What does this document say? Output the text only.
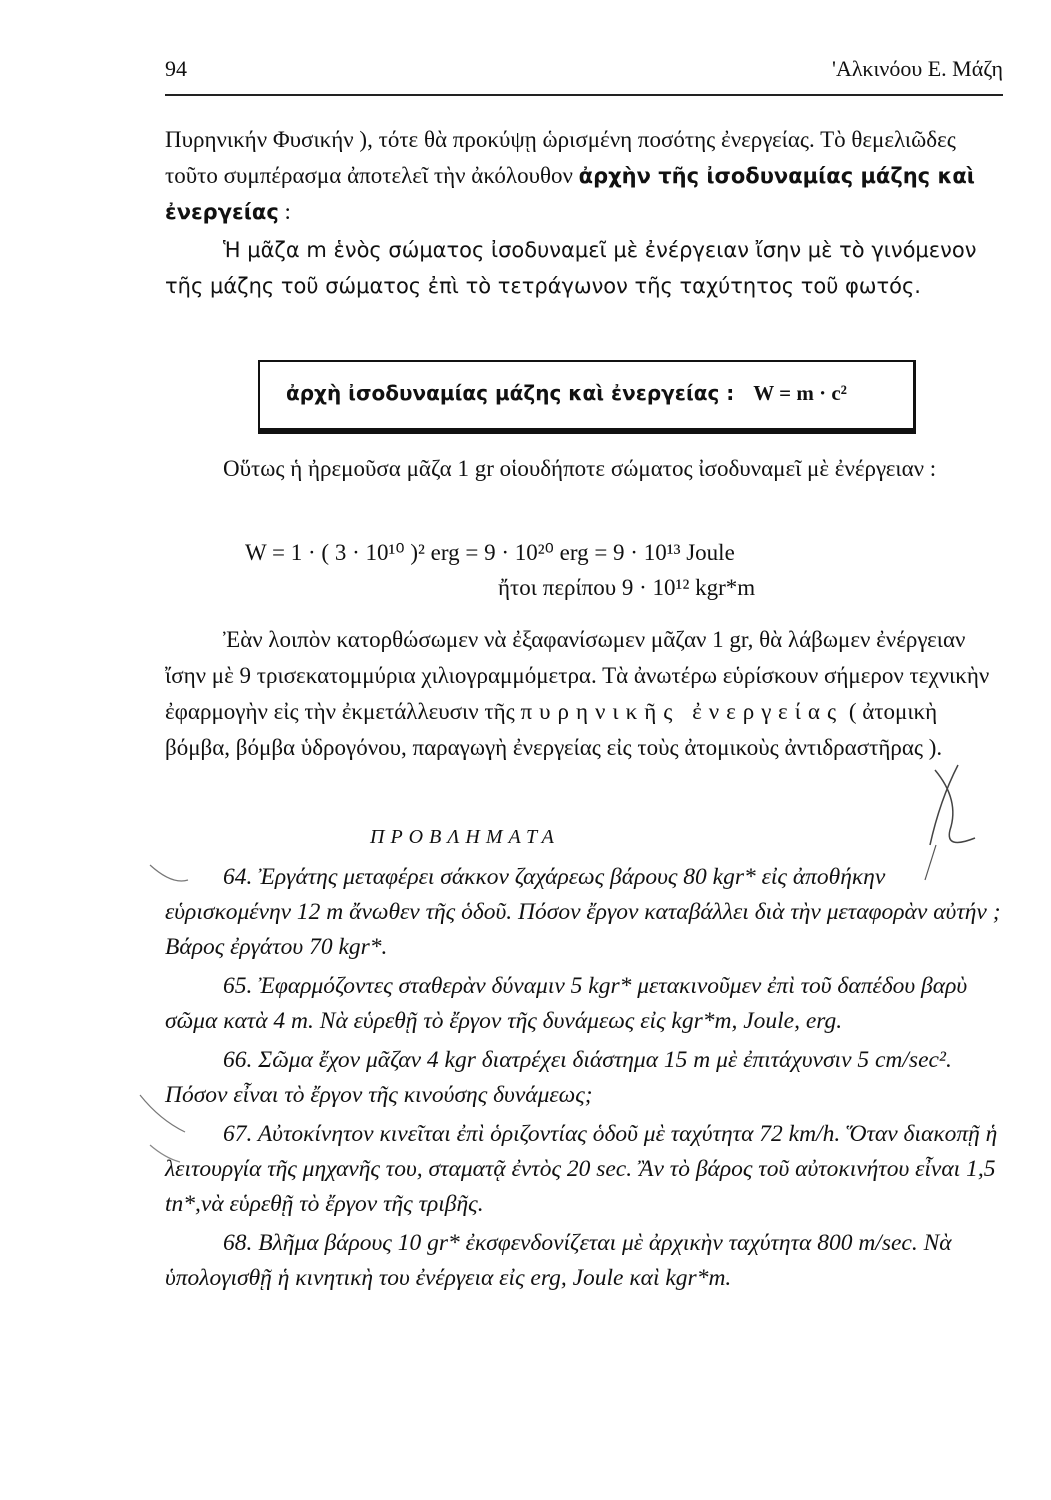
94	'Αλκινόου Ε. Μάζη

Πυρηνικήν Φυσικήν ), τότε θὰ προκύψῃ ὡρισμένη ποσότης ἐνεργείας. Τὸ θεμελιῶδες τοῦτο συμπέρασμα ἀποτελεῖ τὴν ἀκόλουθον ἀρχὴν τῆς ἰσοδυναμίας μάζης καὶ ἐνεργείας :

Ἡ μᾶζα m ἑνὸς σώματος ἰσοδυναμεῖ μὲ ἐνέργειαν ἴσην μὲ τὸ γινόμενον τῆς μάζης τοῦ σώματος ἐπὶ τὸ τετράγωνον τῆς ταχύτητος τοῦ φωτός.

ἀρχὴ ἰσοδυναμίας μάζης καὶ ἐνεργείας : W = m · c²

Οὕτως ἡ ἠρεμοῦσα μᾶζα 1 gr οἱουδήποτε σώματος ἰσοδυναμεῖ μὲ ἐνέργειαν :

W = 1 · ( 3 · 10¹⁰ )² erg = 9 · 10²⁰ erg = 9 · 10¹³ Joule
ἤτοι περίπου 9 · 10¹² kgr*m

Ἐὰν λοιπὸν κατορθώσωμεν νὰ ἐξαφανίσωμεν μᾶζαν 1 gr, θὰ λάβωμεν ἐνέργειαν ἴσην μὲ 9 τρισεκατομμύρια χιλιογραμμόμετρα. Τὰ ἀνωτέρω εὑρίσκουν σήμερον τεχνικὴν ἐφαρμογὴν εἰς τὴν ἐκμετάλλευσιν τῆς πυρηνικῆς ἐνεργείας ( ἀτομικὴ βόμβα, βόμβα ὑδρογόνου, παραγωγὴ ἐνεργείας εἰς τοὺς ἀτομικοὺς ἀντιδραστῆρας ).

ΠΡΟΒΛΗΜΑΤΑ

64. Ἐργάτης μεταφέρει σάκκον ζαχάρεως βάρους 80 kgr* εἰς ἀποθήκην εὑρισκομένην 12 m ἄνωθεν τῆς ὁδοῦ. Πόσον ἔργον καταβάλλει διὰ τὴν μεταφορὰν αὐτήν ; Βάρος ἐργάτου 70 kgr*.

65. Ἐφαρμόζοντες σταθερὰν δύναμιν 5 kgr* μετακινοῦμεν ἐπὶ τοῦ δαπέδου βαρὺ σῶμα κατὰ 4 m. Νὰ εὑρεθῇ τὸ ἔργον τῆς δυνάμεως εἰς kgr*m, Joule, erg.

66. Σῶμα ἔχον μᾶζαν 4 kgr διατρέχει διάστημα 15 m μὲ ἐπιτάχυνσιν 5 cm/sec². Πόσον εἶναι τὸ ἔργον τῆς κινούσης δυνάμεως;

67. Αὐτοκίνητον κινεῖται ἐπὶ ὁριζοντίας ὁδοῦ μὲ ταχύτητα 72 km/h. Ὅταν διακοπῇ ἡ λειτουργία τῆς μηχανῆς του, σταματᾷ ἐντὸς 20 sec. Ἂν τὸ βάρος τοῦ αὐτοκινήτου εἶναι 1,5 tn*,νὰ εὑρεθῇ τὸ ἔργον τῆς τριβῆς.

68. Βλῆμα βάρους 10 gr* ἐκσφενδονίζεται μὲ ἀρχικὴν ταχύτητα 800 m/sec. Νὰ ὑπολογισθῇ ἡ κινητικὴ του ἐνέργεια εἰς erg, Joule καὶ kgr*m.
